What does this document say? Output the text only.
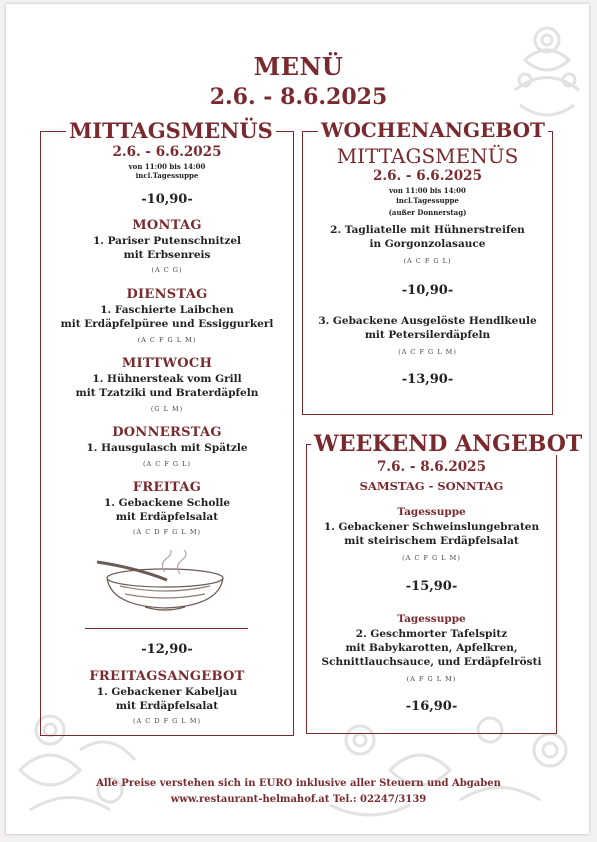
MENÜ
2.6. - 8.6.2025
MITTAGSMENÜS
2.6. - 6.6.2025
von 11:00 bis 14:00
incl.Tagessuppe
-10,90-
MONTAG
1. Pariser Putenschnitzel
mit Erbsenreis
(A C G)
DIENSTAG
1. Faschierte Laibchen
mit Erdäpfelpüree und Essiggurkerl
(A C F G L M)
MITTWOCH
1. Hühnersteak vom Grill
mit Tzatziki und Braterdäpfeln
(G L M)
DONNERSTAG
1. Hausgulasch mit Spätzle
(A C F G L)
FREITAG
1. Gebackene Scholle
mit Erdäpfelsalat
(A C D F G L M)
-12,90-
FREITAGSANGEBOT
1. Gebackener Kabeljau
mit Erdäpfelsalat
(A C D F G L M)
WOCHENANGEBOT
MITTAGSMENÜS
2.6. - 6.6.2025
von 11:00 bis 14:00
incl.Tagessuppe
(außer Donnerstag)
2. Tagliatelle mit Hühnerstreifen
in Gorgonzolasauce
(A C F G L)
-10,90-
3. Gebackene Ausgelöste Hendlkeule
mit Petersilerdäpfeln
(A C F G L M)
-13,90-
WEEKEND ANGEBOT
7.6. - 8.6.2025
SAMSTAG - SONNTAG
Tagessuppe
1. Gebackener Schweinslungebraten
mit steirischem Erdäpfelsalat
(A C F G L M)
-15,90-
Tagessuppe
2. Geschmorter Tafelspitz
mit Babykarotten, Apfelkren,
Schnittlauchsauce, und Erdäpfelrösti
(A F G L M)
-16,90-
Alle Preise verstehen sich in EURO inklusive aller Steuern und Abgaben
www.restaurant-helmahof.at Tel.: 02247/3139
